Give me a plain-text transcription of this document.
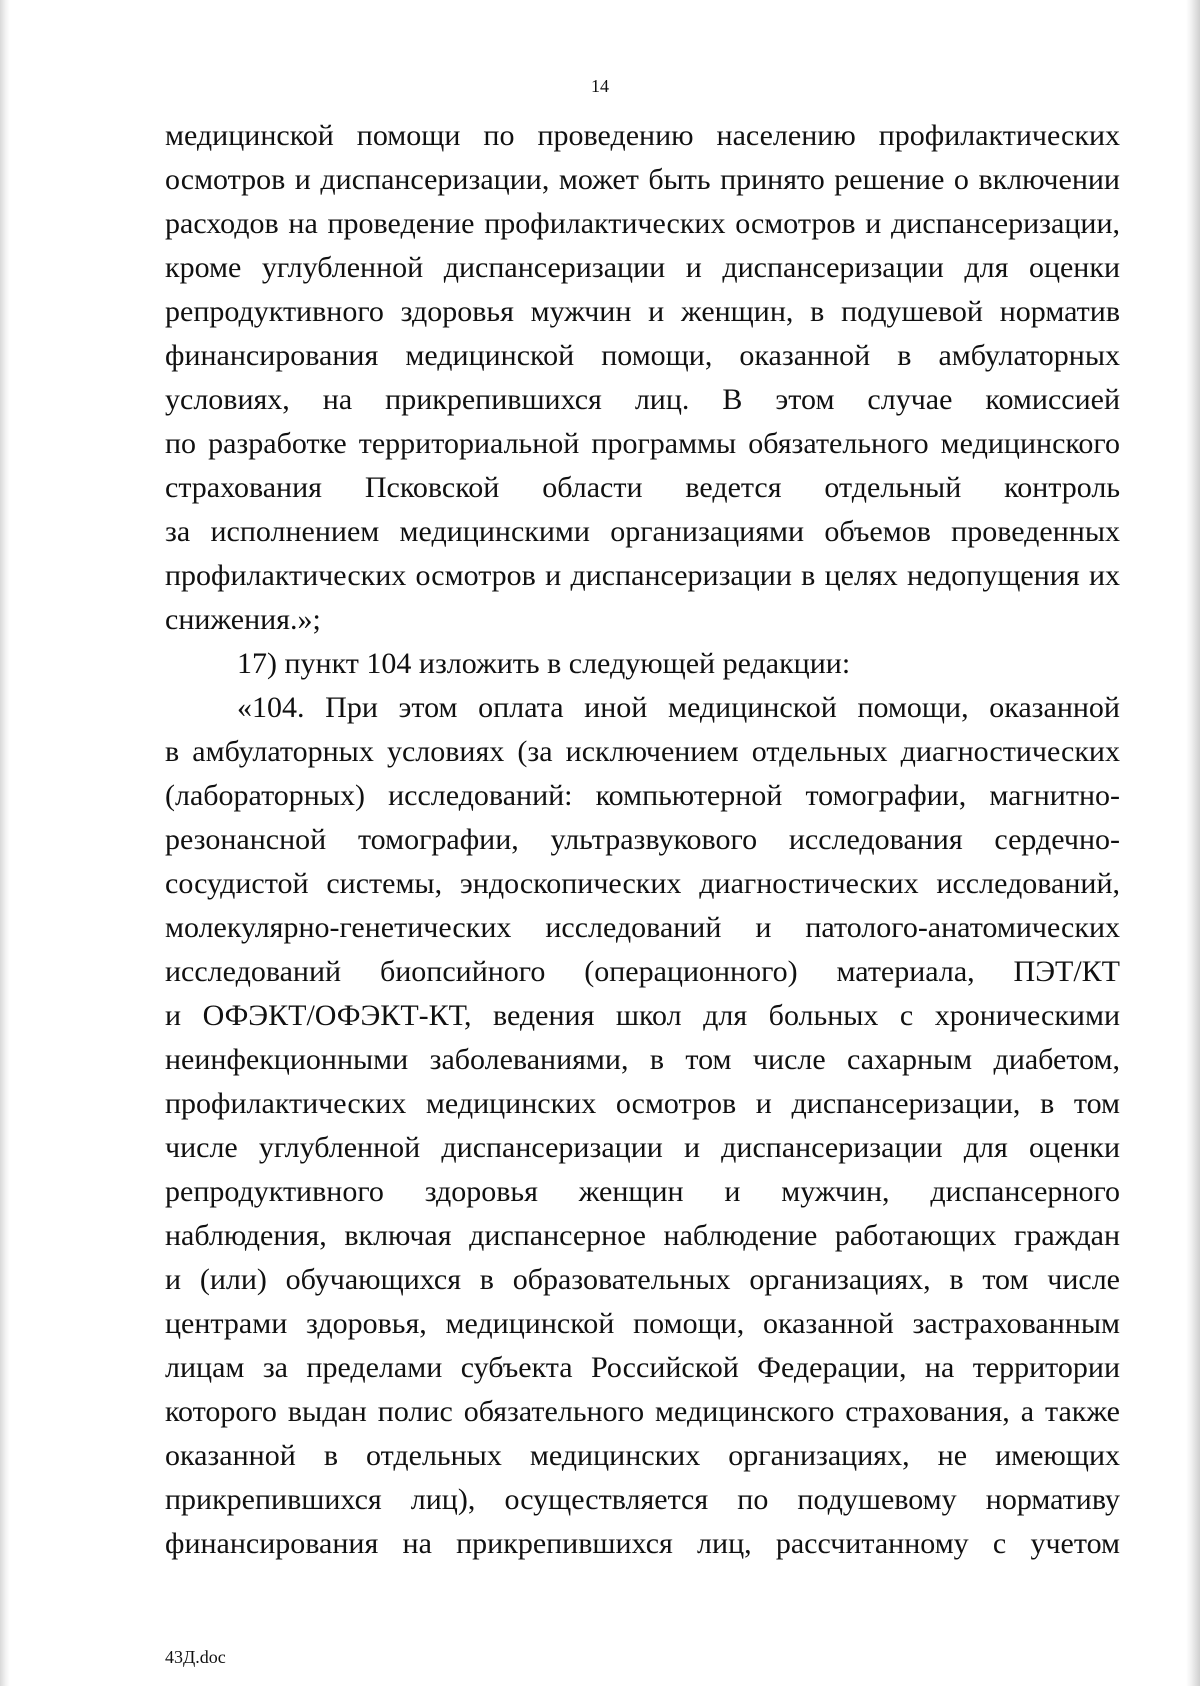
14
медицинской помощи по проведению населению профилактических
осмотров и диспансеризации, может быть принято решение о включении
расходов на проведение профилактических осмотров и диспансеризации,
кроме углубленной диспансеризации и диспансеризации для оценки
репродуктивного здоровья мужчин и женщин, в подушевой норматив
финансирования медицинской помощи, оказанной в амбулаторных
условиях, на прикрепившихся лиц. В этом случае комиссией
по разработке территориальной программы обязательного медицинского
страхования Псковской области ведется отдельный контроль
за исполнением медицинскими организациями объемов проведенных
профилактических осмотров и диспансеризации в целях недопущения их
снижения.»;
17) пункт 104 изложить в следующей редакции:
«104. При этом оплата иной медицинской помощи, оказанной
в амбулаторных условиях (за исключением отдельных диагностических
(лабораторных) исследований: компьютерной томографии, магнитно-
резонансной томографии, ультразвукового исследования сердечно-
сосудистой системы, эндоскопических диагностических исследований,
молекулярно-генетических исследований и патолого-анатомических
исследований биопсийного (операционного) материала, ПЭТ/КТ
и ОФЭКТ/ОФЭКТ-КТ, ведения школ для больных с хроническими
неинфекционными заболеваниями, в том числе сахарным диабетом,
профилактических медицинских осмотров и диспансеризации, в том
числе углубленной диспансеризации и диспансеризации для оценки
репродуктивного здоровья женщин и мужчин, диспансерного
наблюдения, включая диспансерное наблюдение работающих граждан
и (или) обучающихся в образовательных организациях, в том числе
центрами здоровья, медицинской помощи, оказанной застрахованным
лицам за пределами субъекта Российской Федерации, на территории
которого выдан полис обязательного медицинского страхования, а также
оказанной в отдельных медицинских организациях, не имеющих
прикрепившихся лиц), осуществляется по подушевому нормативу
финансирования на прикрепившихся лиц, рассчитанному с учетом
43Д.doc
